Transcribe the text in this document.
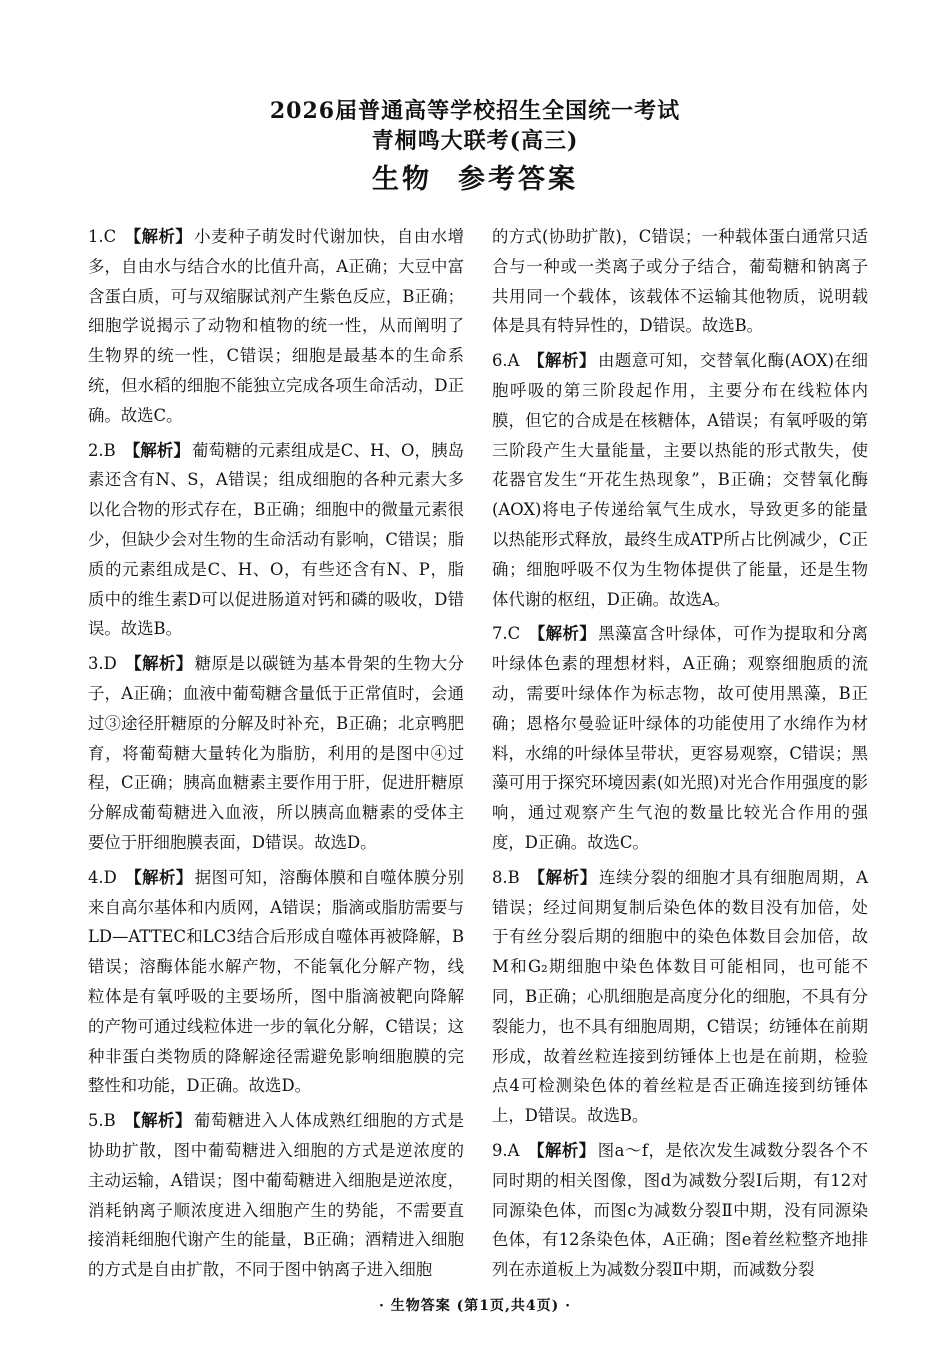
2026届普通高等学校招生全国统一考试
青桐鸣大联考(高三)
生物 参考答案
1.C 【解析】 小麦种子萌发时代谢加快，自由水增多，自由水与结合水的比值升高，A正确；大豆中富含蛋白质，可与双缩脲试剂产生紫色反应，B正确；细胞学说揭示了动物和植物的统一性，从而阐明了生物界的统一性，C错误；细胞是最基本的生命系统，但水稻的细胞不能独立完成各项生命活动，D正确。故选C。
2.B 【解析】 葡萄糖的元素组成是C、H、O，胰岛素还含有N、S，A错误；组成细胞的各种元素大多以化合物的形式存在，B正确；细胞中的微量元素很少，但缺少会对生物的生命活动有影响，C错误；脂质的元素组成是C、H、O，有些还含有N、P，脂质中的维生素D可以促进肠道对钙和磷的吸收，D错误。故选B。
3.D 【解析】 糖原是以碳链为基本骨架的生物大分子，A正确；血液中葡萄糖含量低于正常值时，会通过③途径肝糖原的分解及时补充，B正确；北京鸭肥育，将葡萄糖大量转化为脂肪，利用的是图中④过程，C正确；胰高血糖素主要作用于肝，促进肝糖原分解成葡萄糖进入血液，所以胰高血糖素的受体主要位于肝细胞膜表面，D错误。故选D。
4.D 【解析】 据图可知，溶酶体膜和自噬体膜分别来自高尔基体和内质网，A错误；脂滴或脂肪需要与LD—ATTEC和LC3结合后形成自噬体再被降解，B错误；溶酶体能水解产物，不能氧化分解产物，线粒体是有氧呼吸的主要场所，图中脂滴被靶向降解的产物可通过线粒体进一步的氧化分解，C错误；这种非蛋白类物质的降解途径需避免影响细胞膜的完整性和功能，D正确。故选D。
5.B 【解析】 葡萄糖进入人体成熟红细胞的方式是协助扩散，图中葡萄糖进入细胞的方式是逆浓度的主动运输，A错误；图中葡萄糖进入细胞是逆浓度，消耗钠离子顺浓度进入细胞产生的势能，不需要直接消耗细胞代谢产生的能量，B正确；酒精进入细胞的方式是自由扩散，不同于图中钠离子进入细胞
的方式(协助扩散)，C错误；一种载体蛋白通常只适合与一种或一类离子或分子结合，葡萄糖和钠离子共用同一个载体，该载体不运输其他物质，说明载体是具有特异性的，D错误。故选B。
6.A 【解析】 由题意可知，交替氧化酶(AOX)在细胞呼吸的第三阶段起作用，主要分布在线粒体内膜，但它的合成是在核糖体，A错误；有氧呼吸的第三阶段产生大量能量，主要以热能的形式散失，使花器官发生“开花生热现象”，B正确；交替氧化酶(AOX)将电子传递给氧气生成水，导致更多的能量以热能形式释放，最终生成ATP所占比例减少，C正确；细胞呼吸不仅为生物体提供了能量，还是生物体代谢的枢纽，D正确。故选A。
7.C 【解析】 黑藻富含叶绿体，可作为提取和分离叶绿体色素的理想材料，A正确；观察细胞质的流动，需要叶绿体作为标志物，故可使用黑藻，B正确；恩格尔曼验证叶绿体的功能使用了水绵作为材料，水绵的叶绿体呈带状，更容易观察，C错误；黑藻可用于探究环境因素(如光照)对光合作用强度的影响，通过观察产生气泡的数量比较光合作用的强度，D正确。故选C。
8.B 【解析】 连续分裂的细胞才具有细胞周期，A错误；经过间期复制后染色体的数目没有加倍，处于有丝分裂后期的细胞中的染色体数目会加倍，故M和G₂期细胞中染色体数目可能相同，也可能不同，B正确；心肌细胞是高度分化的细胞，不具有分裂能力，也不具有细胞周期，C错误；纺锤体在前期形成，故着丝粒连接到纺锤体上也是在前期，检验点4可检测染色体的着丝粒是否正确连接到纺锤体上，D错误。故选B。
9.A 【解析】 图a～f，是依次发生减数分裂各个不同时期的相关图像，图d为减数分裂Ⅰ后期，有12对同源染色体，而图c为减数分裂Ⅱ中期，没有同源染色体，有12条染色体，A正确；图e着丝粒整齐地排列在赤道板上为减数分裂Ⅱ中期，而减数分裂
· 生物答案 (第1页,共4页) ·
